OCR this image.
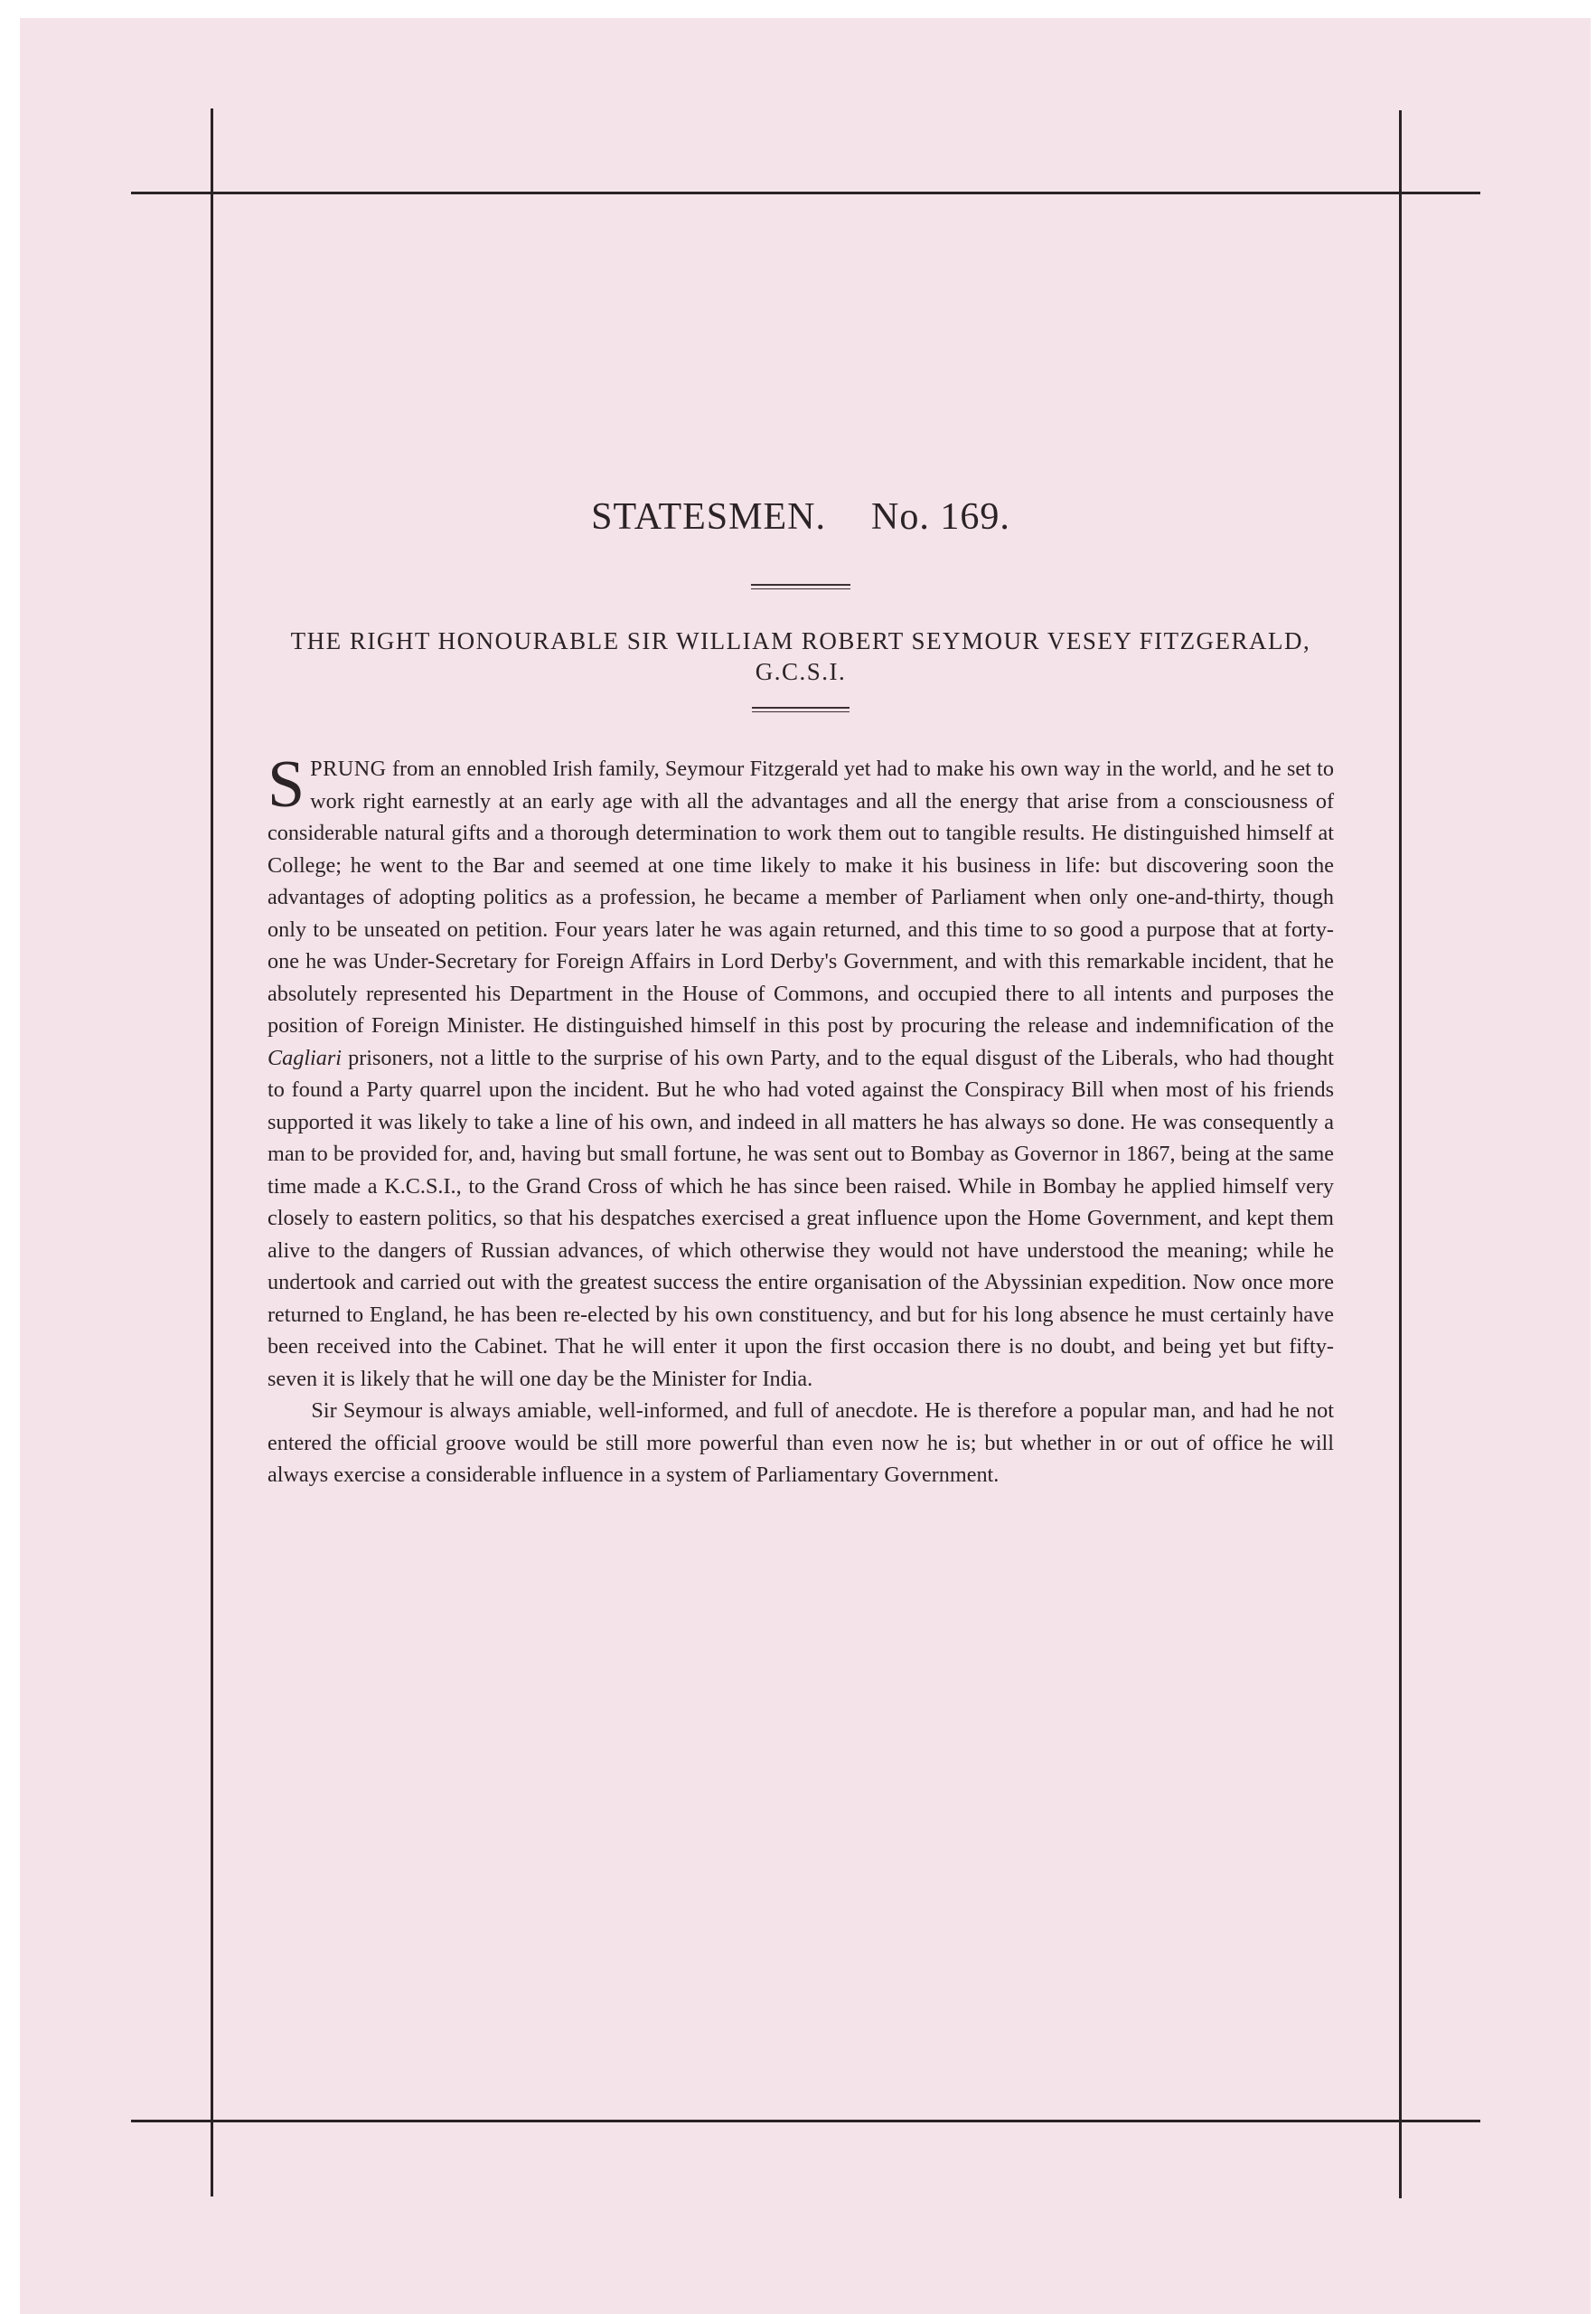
STATESMEN. No. 169.
THE RIGHT HONOURABLE SIR WILLIAM ROBERT SEYMOUR VESEY FITZGERALD, G.C.S.I.

SPRUNG from an ennobled Irish family, Seymour Fitzgerald yet had to make his own way in the world, and he set to work right earnestly at an early age with all the advantages and all the energy that arise from a consciousness of considerable natural gifts and a thorough determination to work them out to tangible results. He distinguished himself at College; he went to the Bar and seemed at one time likely to make it his business in life: but discovering soon the advantages of adopting politics as a profession, he became a member of Parliament when only one-and-thirty, though only to be unseated on petition. Four years later he was again returned, and this time to so good a purpose that at forty-one he was Under-Secretary for Foreign Affairs in Lord Derby's Government, and with this remarkable incident, that he absolutely represented his Department in the House of Commons, and occupied there to all intents and purposes the position of Foreign Minister. He distinguished himself in this post by procuring the release and indemnification of the Cagliari prisoners, not a little to the surprise of his own Party, and to the equal disgust of the Liberals, who had thought to found a Party quarrel upon the incident. But he who had voted against the Conspiracy Bill when most of his friends supported it was likely to take a line of his own, and indeed in all matters he has always so done. He was consequently a man to be provided for, and, having but small fortune, he was sent out to Bombay as Governor in 1867, being at the same time made a K.C.S.I., to the Grand Cross of which he has since been raised. While in Bombay he applied himself very closely to eastern politics, so that his despatches exercised a great influence upon the Home Government, and kept them alive to the dangers of Russian advances, of which otherwise they would not have understood the meaning; while he undertook and carried out with the greatest success the entire organisation of the Abyssinian expedition. Now once more returned to England, he has been re-elected by his own constituency, and but for his long absence he must certainly have been received into the Cabinet. That he will enter it upon the first occasion there is no doubt, and being yet but fifty-seven it is likely that he will one day be the Minister for India.

Sir Seymour is always amiable, well-informed, and full of anecdote. He is therefore a popular man, and had he not entered the official groove would be still more powerful than even now he is; but whether in or out of office he will always exercise a considerable influence in a system of Parliamentary Government.
